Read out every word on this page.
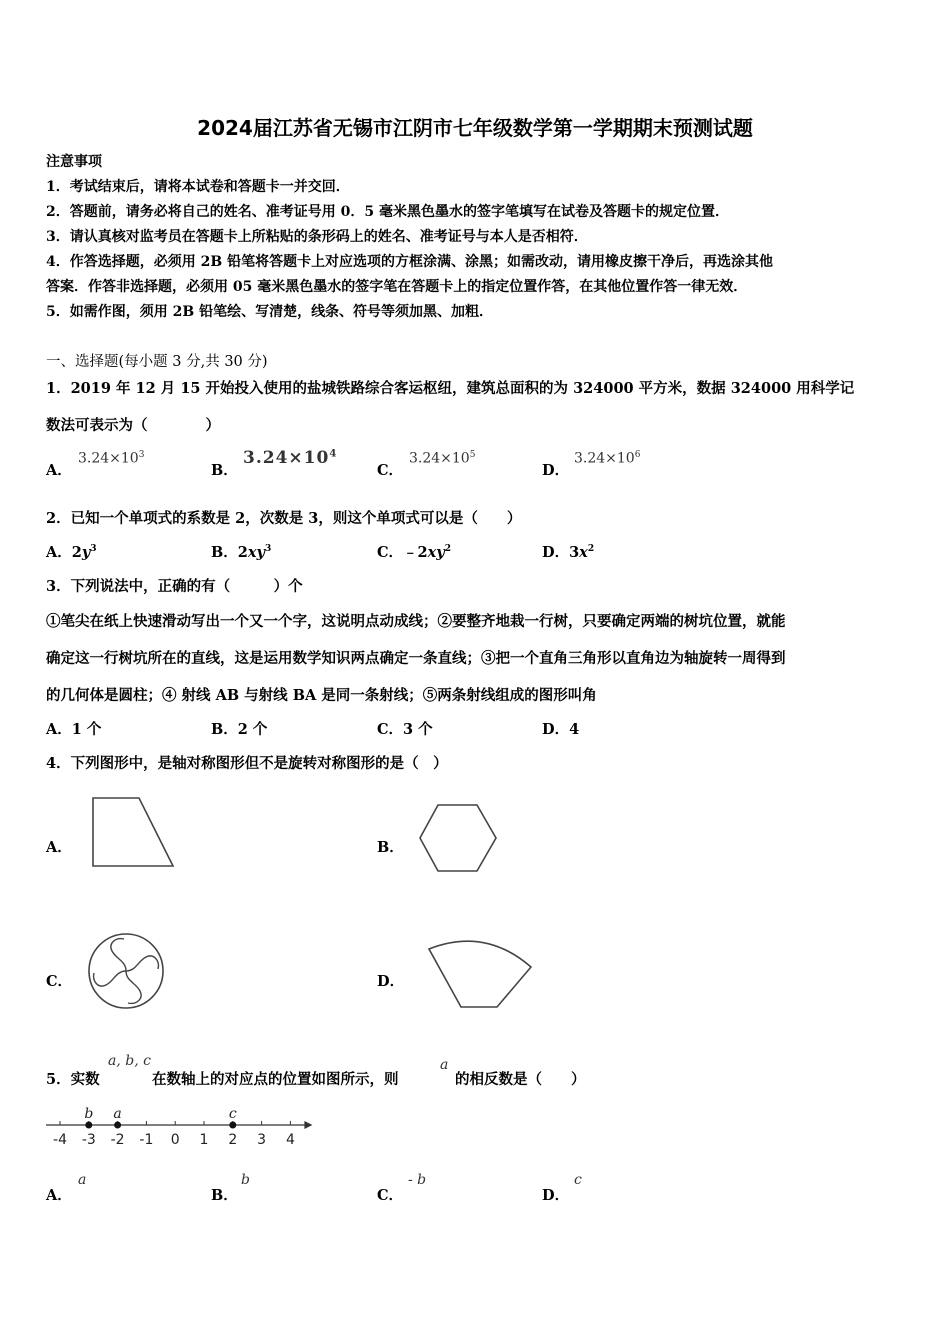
2024届江苏省无锡市江阴市七年级数学第一学期期末预测试题
注意事项
1．考试结束后，请将本试卷和答题卡一并交回．
2．答题前，请务必将自己的姓名、准考证号用 0．5 毫米黑色墨水的签字笔填写在试卷及答题卡的规定位置．
3．请认真核对监考员在答题卡上所粘贴的条形码上的姓名、准考证号与本人是否相符．
4．作答选择题，必须用 2B 铅笔将答题卡上对应选项的方框涂满、涂黑；如需改动，请用橡皮擦干净后，再选涂其他
答案．作答非选择题，必须用 05 毫米黑色墨水的签字笔在答题卡上的指定位置作答，在其他位置作答一律无效．
5．如需作图，须用 2B 铅笔绘、写清楚，线条、符号等须加黑、加粗．
一、选择题(每小题 3 分,共 30 分)
1．2019 年 12 月 15 开始投入使用的盐城铁路综合客运枢纽，建筑总面积的为 324000 平方米，数据 324000 用科学记
数法可表示为（　　　　）
A．
$3.24\times 10^3$
B．
$3.24\times 10^4$
C．
$3.24\times 10^5$
D．
$3.24\times 10^6$
2．已知一个单项式的系数是 2，次数是 3，则这个单项式可以是（　　）
A．$2y^3$	B．$2xy^3$	C．$﹣2xy^2$	D．$3x^2$
3．下列说法中，正确的有（　　　）个
①笔尖在纸上快速滑动写出一个又一个字，这说明点动成线；②要整齐地栽一行树，只要确定两端的树坑位置，就能
确定这一行树坑所在的直线，这是运用数学知识两点确定一条直线；③把一个直角三角形以直角边为轴旋转一周得到
的几何体是圆柱；④ 射线 AB 与射线 BA 是同一条射线；⑤两条射线组成的图形叫角
A．1 个	B．2 个	C．3 个	D．4
4．下列图形中，是轴对称图形但不是旋转对称图形的是（　）
A．	B．
C．	D．
5．实数
a, b, c
在数轴上的对应点的位置如图所示，则
a
的相反数是（　　）
-4 -3 -2 -1 0 1 2 3 4
b a	c
A．
a
B．
b
C．
- b
D．
c
